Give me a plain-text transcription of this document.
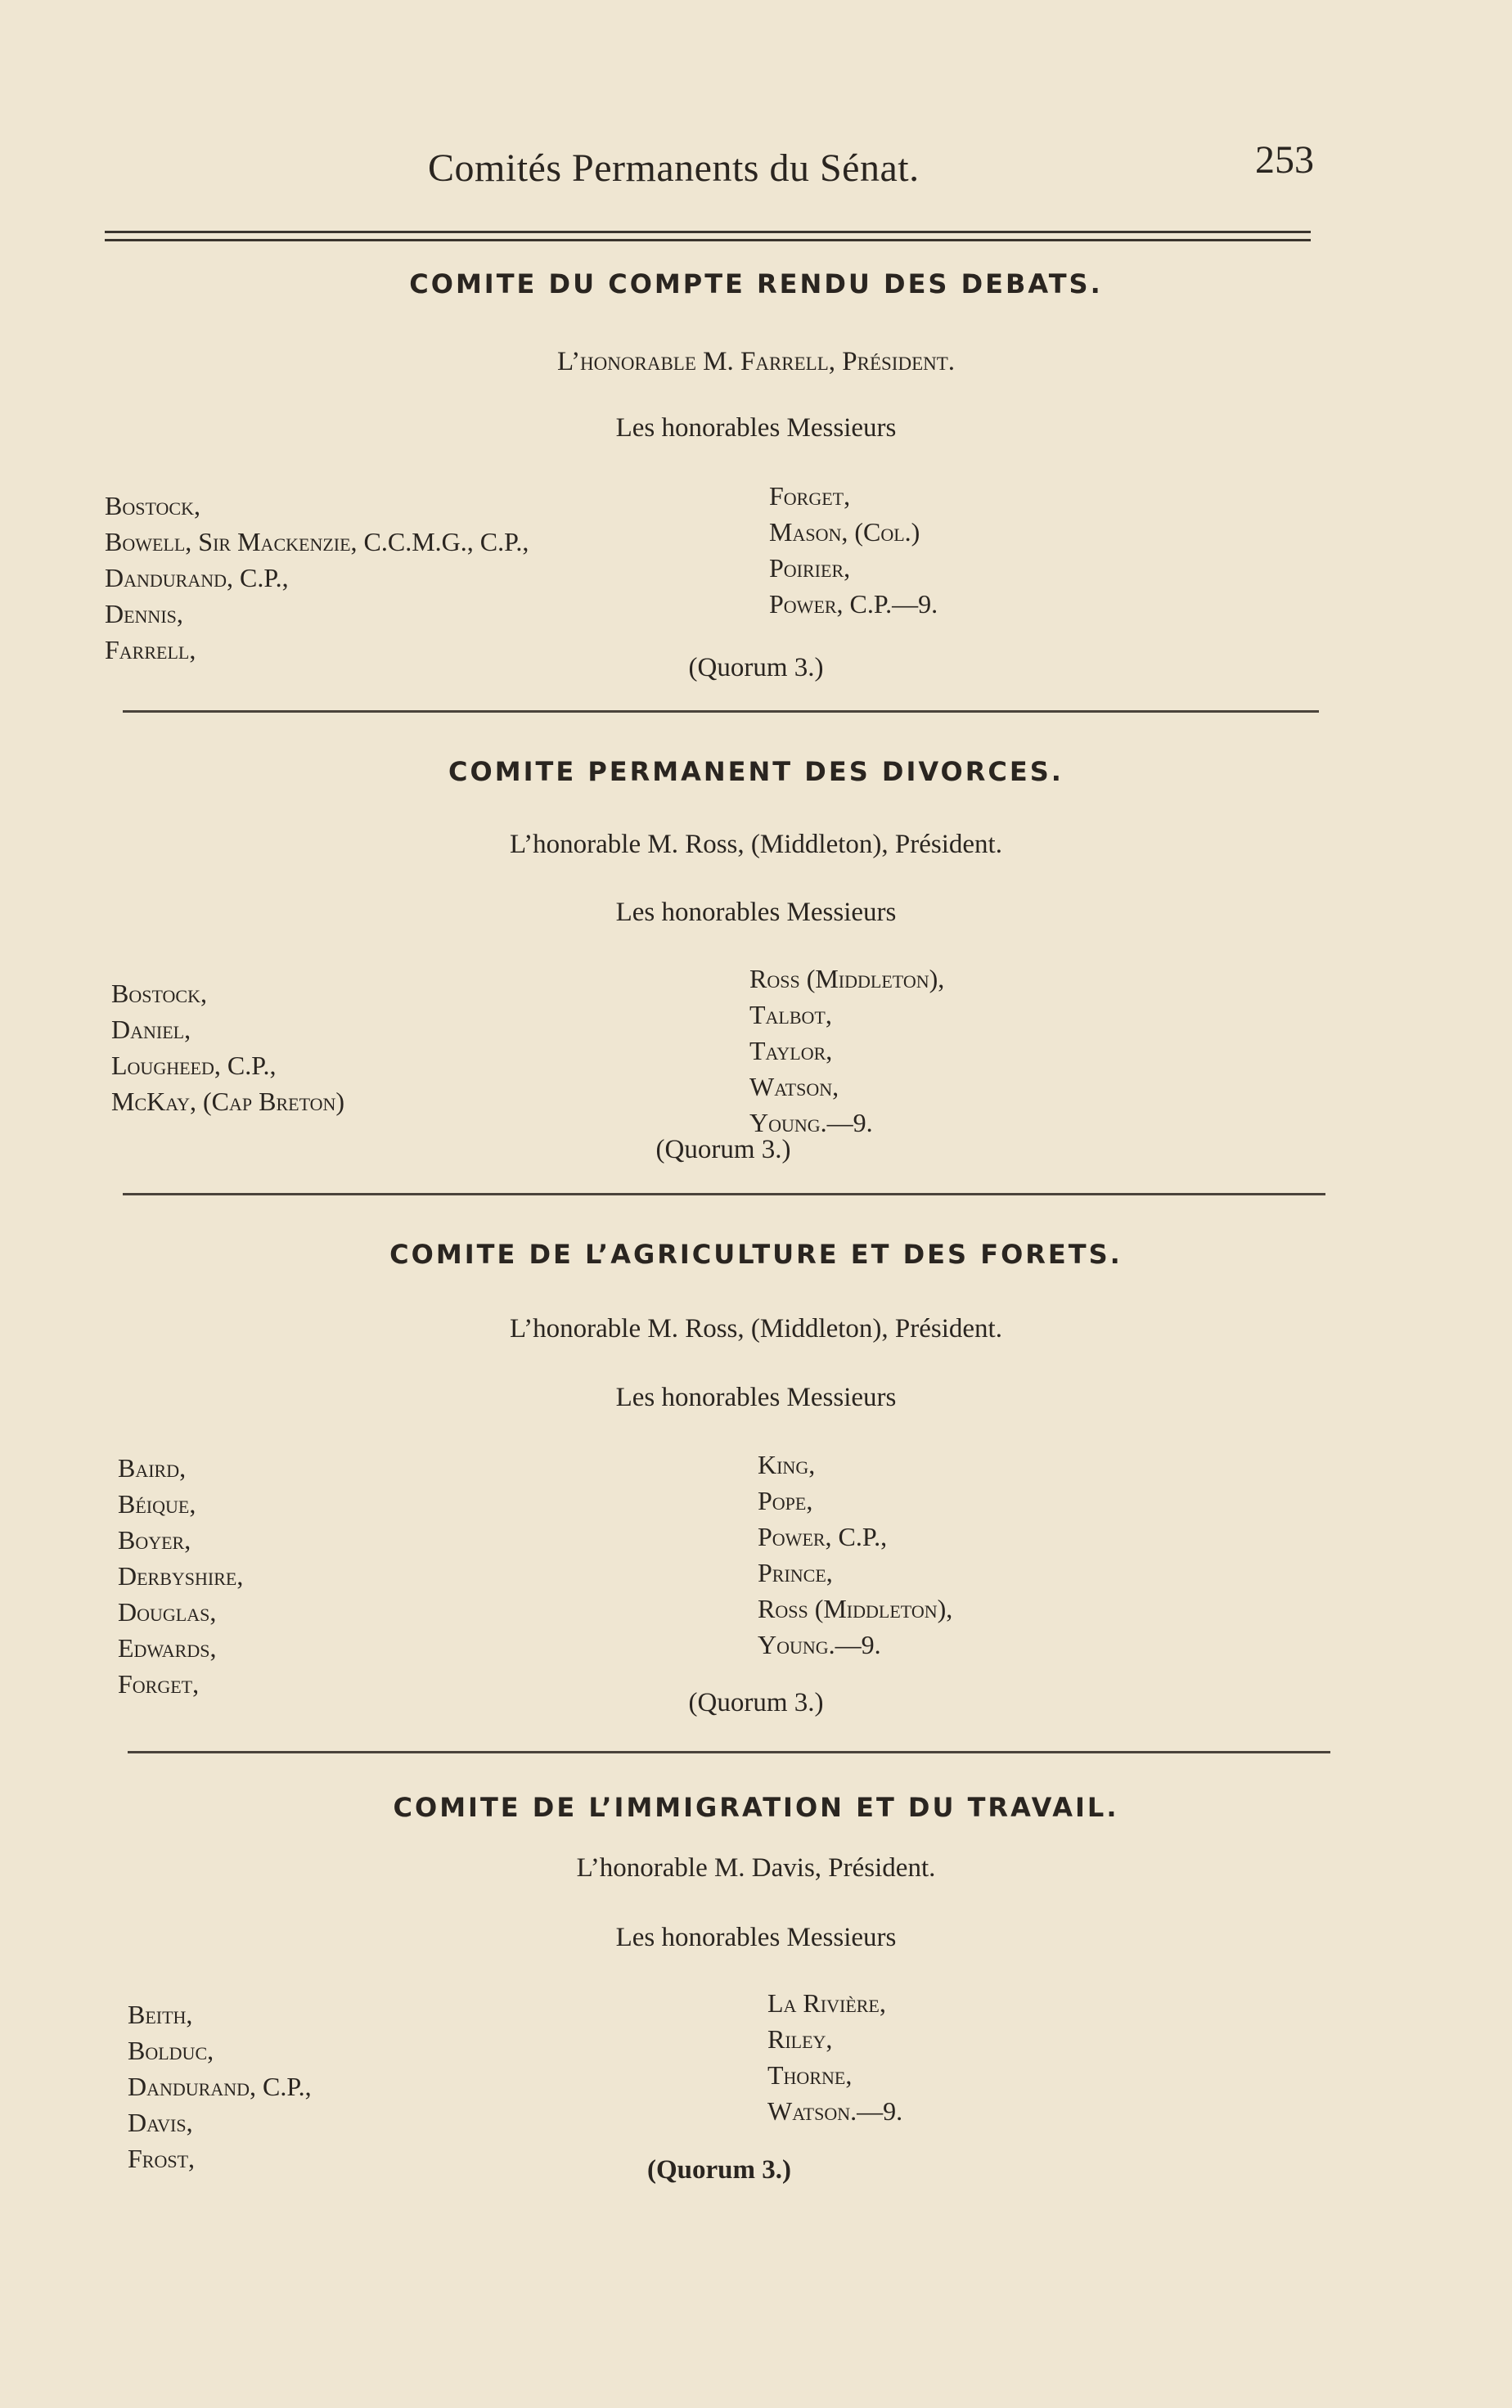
Comités Permanents du Sénat.	253
COMITE DU COMPTE RENDU DES DEBATS.
L’honorable M. Farrell, Président.
Les honorables Messieurs
Bostock,
Bowell, Sir Mackenzie, C.C.M.G., C.P.,
Dandurand, C.P.,
Dennis,
Farrell,
Forget,
Mason, (Col.)
Poirier,
Power, C.P.—9.
(Quorum 3.)
COMITE PERMANENT DES DIVORCES.
L’honorable M. Ross, (Middleton), Président.
Les honorables Messieurs
Bostock,
Daniel,
Lougheed, C.P.,
McKay, (Cap Breton)
Ross (Middleton),
Talbot,
Taylor,
Watson,
Young.—9.
(Quorum 3.)
COMITE DE L’AGRICULTURE ET DES FORETS.
L’honorable M. Ross, (Middleton), Président.
Les honorables Messieurs
Baird,
Béique,
Boyer,
Derbyshire,
Douglas,
Edwards,
Forget,
King,
Pope,
Power, C.P.,
Prince,
Ross (Middleton),
Young.—9.
(Quorum 3.)
COMITE DE L’IMMIGRATION ET DU TRAVAIL.
L’honorable M. Davis, Président.
Les honorables Messieurs
Beith,
Bolduc,
Dandurand, C.P.,
Davis,
Frost,
La Rivière,
Riley,
Thorne,
Watson.—9.
(Quorum 3.)
